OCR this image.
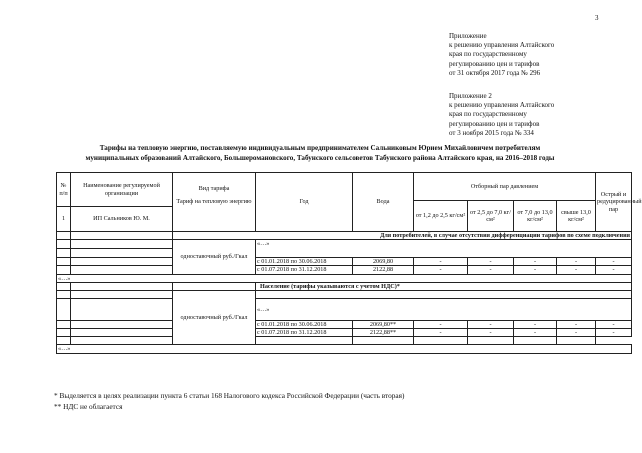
3
Приложение
к решению управления Алтайского
края по государственному
регулированию цен и тарифов
от 31 октября 2017 года № 296
Приложение 2
к решению управления Алтайского
края по государственному
регулированию цен и тарифов
от 3 ноября 2015 года № 334
Тарифы на тепловую энергию, поставляемую индивидуальным предпринимателем Сальниковым Юрием Михайловичем потребителям
муниципальных образований Алтайского, Большеромановского, Табунского сельсоветов Табунского района Алтайского края, на 2016–2018 годы
№ п/п	Наименование регулируемой организации	Вид тарифа
Тариф на тепловую энергию	Год	Вода	Отборный пар давлением				Острый и редуцированный пар
					от 1,2 до 2,5 кг/см²	от 2,5 до 7,0 кг/см²	от 7,0 до 13,0 кг/см²	свыше 13,0 кг/см²	
1	ИП Сальников Ю. М.								
		Для потребителей, в случае отсутствия дифференциации тарифов по схеме подключения							
		одноставочный руб./Гкал	«…»						

			с 01.01.2018 по 30.06.2018	2069,80	-	-	-	-	-
			с 01.07.2018 по 31.12.2018	2122,88	-	-	-	-	-
«…»									
			Население (тарифы указываются с учетом НДС)*						
		одноставочный руб./Гкал							
			«…»						
			с 01.01.2018 по 30.06.2018	2069,80**	-	-	-	-	-
			с 01.07.2018 по 31.12.2018	2122,88**	-	-	-	-	-

«…»									
* Выделяется в целях реализации пункта 6 статьи 168 Налогового кодекса Российской Федерации (часть вторая)
** НДС не облагается
